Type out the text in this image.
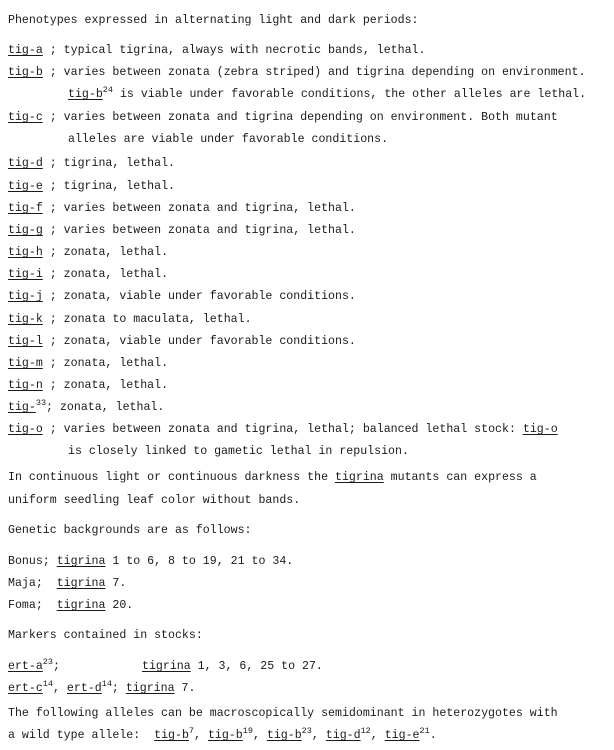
Phenotypes expressed in alternating light and dark periods:
tig-a ; typical tigrina, always with necrotic bands, lethal.
tig-b ; varies between zonata (zebra striped) and tigrina depending on environment.
tig-$b^{24}$ is viable under favorable conditions, the other alleles are lethal.
tig-c ; varies between zonata and tigrina depending on environment. Both mutant
alleles are viable under favorable conditions.
tig-d ; tigrina, lethal.
tig-e ; tigrina, lethal.
tig-f ; varies between zonata and tigrina, lethal.
tig-g ; varies between zonata and tigrina, lethal.
tig-h ; zonata, lethal.
tig-i ; zonata, lethal.
tig-j ; zonata, viable under favorable conditions.
tig-k ; zonata to maculata, lethal.
tig-l ; zonata, viable under favorable conditions.
tig-m ; zonata, lethal.
tig-n ; zonata, lethal.
tig-$^{33}$; zonata, lethal.
tig-o ; varies between zonata and tigrina, lethal; balanced lethal stock: tig-o
is closely linked to gametic lethal in repulsion.
In continuous light or continuous darkness the tigrina mutants can express a
uniform seedling leaf color without bands.
Genetic backgrounds are as follows:
Bonus; tigrina 1 to 6, 8 to 19, 21 to 34.
Maja;  tigrina 7.
Foma;  tigrina 20.
Markers contained in stocks:
ert-$a^{23}$;	tigrina 1, 3, 6, 25 to 27.
ert-$c^{14}$, ert-$d^{14}$; tigrina 7.
The following alleles can be macroscopically semidominant in heterozygotes with
a wild type allele:  tig-$b^7$, tig-$b^{19}$, tig-$b^{23}$, tig-$d^{12}$, tig-$e^{21}$.
